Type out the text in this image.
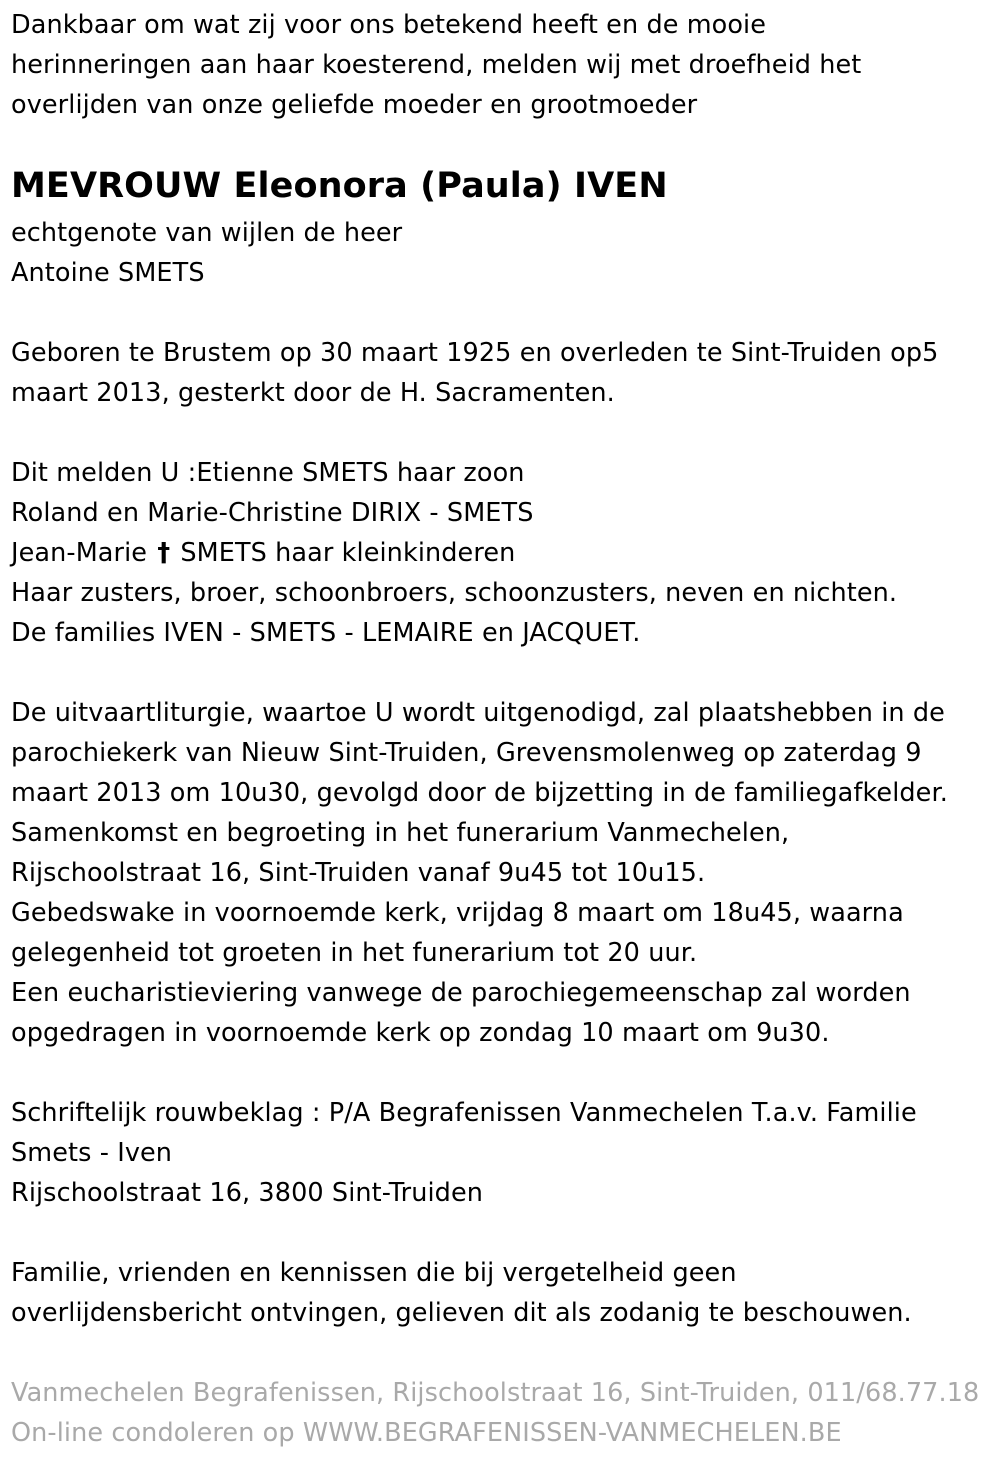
Dankbaar om wat zij voor ons betekend heeft en de mooie
herinneringen aan haar koesterend, melden wij met droefheid het
overlijden van onze geliefde moeder en grootmoeder
MEVROUW Eleonora (Paula) IVEN
echtgenote van wijlen de heer
Antoine SMETS
Geboren te Brustem op 30 maart 1925 en overleden te Sint-Truiden op5
maart 2013, gesterkt door de H. Sacramenten.
Dit melden U :Etienne SMETS haar zoon
Roland en Marie-Christine DIRIX - SMETS
Jean-Marie † SMETS haar kleinkinderen
Haar zusters, broer, schoonbroers, schoonzusters, neven en nichten.
De families IVEN - SMETS - LEMAIRE en JACQUET.
De uitvaartliturgie, waartoe U wordt uitgenodigd, zal plaatshebben in de
parochiekerk van Nieuw Sint-Truiden, Grevensmolenweg op zaterdag 9
maart 2013 om 10u30, gevolgd door de bijzetting in de familiegafkelder.
Samenkomst en begroeting in het funerarium Vanmechelen,
Rijschoolstraat 16, Sint-Truiden vanaf 9u45 tot 10u15.
Gebedswake in voornoemde kerk, vrijdag 8 maart om 18u45, waarna
gelegenheid tot groeten in het funerarium tot 20 uur.
Een eucharistieviering vanwege de parochiegemeenschap zal worden
opgedragen in voornoemde kerk op zondag 10 maart om 9u30.
Schriftelijk rouwbeklag : P/A Begrafenissen Vanmechelen T.a.v. Familie
Smets - Iven
Rijschoolstraat 16, 3800 Sint-Truiden
Familie, vrienden en kennissen die bij vergetelheid geen
overlijdensbericht ontvingen, gelieven dit als zodanig te beschouwen.
Vanmechelen Begrafenissen, Rijschoolstraat 16, Sint-Truiden, 011/68.77.18
On-line condoleren op WWW.BEGRAFENISSEN-VANMECHELEN.BE
